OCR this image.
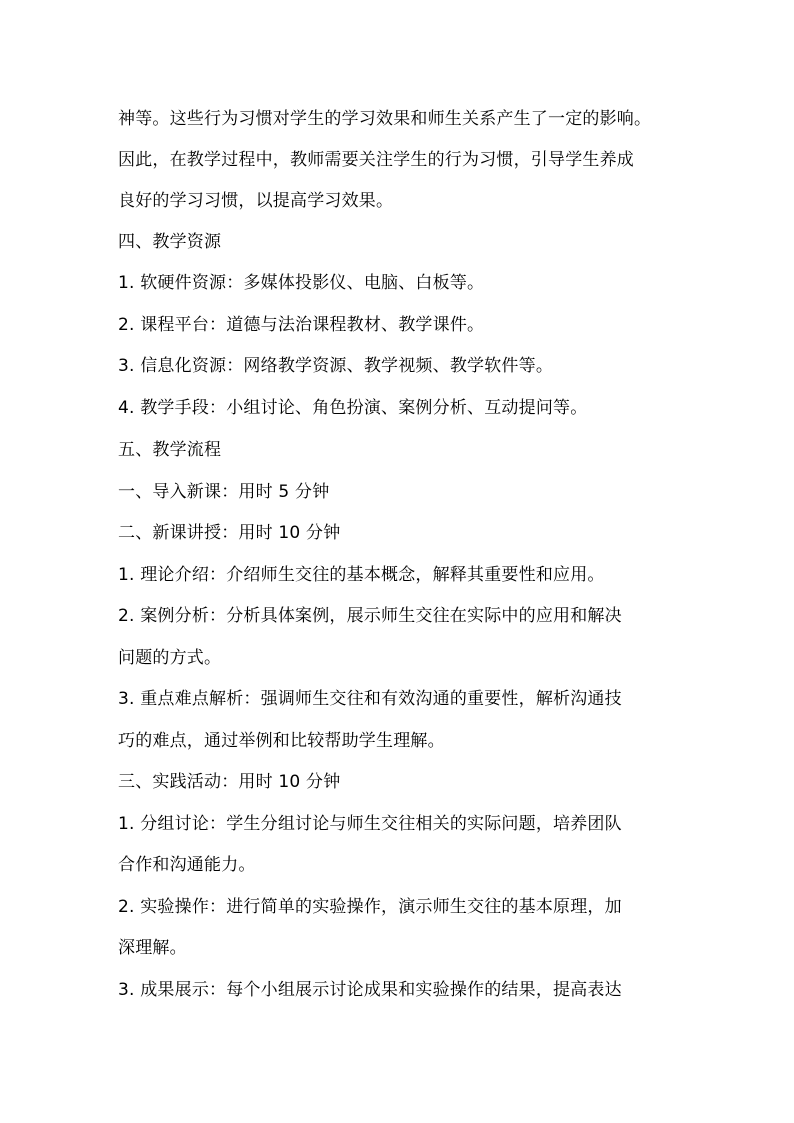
神等。这些行为习惯对学生的学习效果和师生关系产生了一定的影响。
因此，在教学过程中，教师需要关注学生的行为习惯，引导学生养成
良好的学习习惯，以提高学习效果。
四、教学资源
1. 软硬件资源：多媒体投影仪、电脑、白板等。
2. 课程平台：道德与法治课程教材、教学课件。
3. 信息化资源：网络教学资源、教学视频、教学软件等。
4. 教学手段：小组讨论、角色扮演、案例分析、互动提问等。
五、教学流程
一、导入新课：用时 5 分钟
二、新课讲授：用时 10 分钟
1. 理论介绍：介绍师生交往的基本概念，解释其重要性和应用。
2. 案例分析：分析具体案例，展示师生交往在实际中的应用和解决
问题的方式。
3. 重点难点解析：强调师生交往和有效沟通的重要性，解析沟通技
巧的难点，通过举例和比较帮助学生理解。
三、实践活动：用时 10 分钟
1. 分组讨论：学生分组讨论与师生交往相关的实际问题，培养团队
合作和沟通能力。
2. 实验操作：进行简单的实验操作，演示师生交往的基本原理，加
深理解。
3. 成果展示：每个小组展示讨论成果和实验操作的结果，提高表达
